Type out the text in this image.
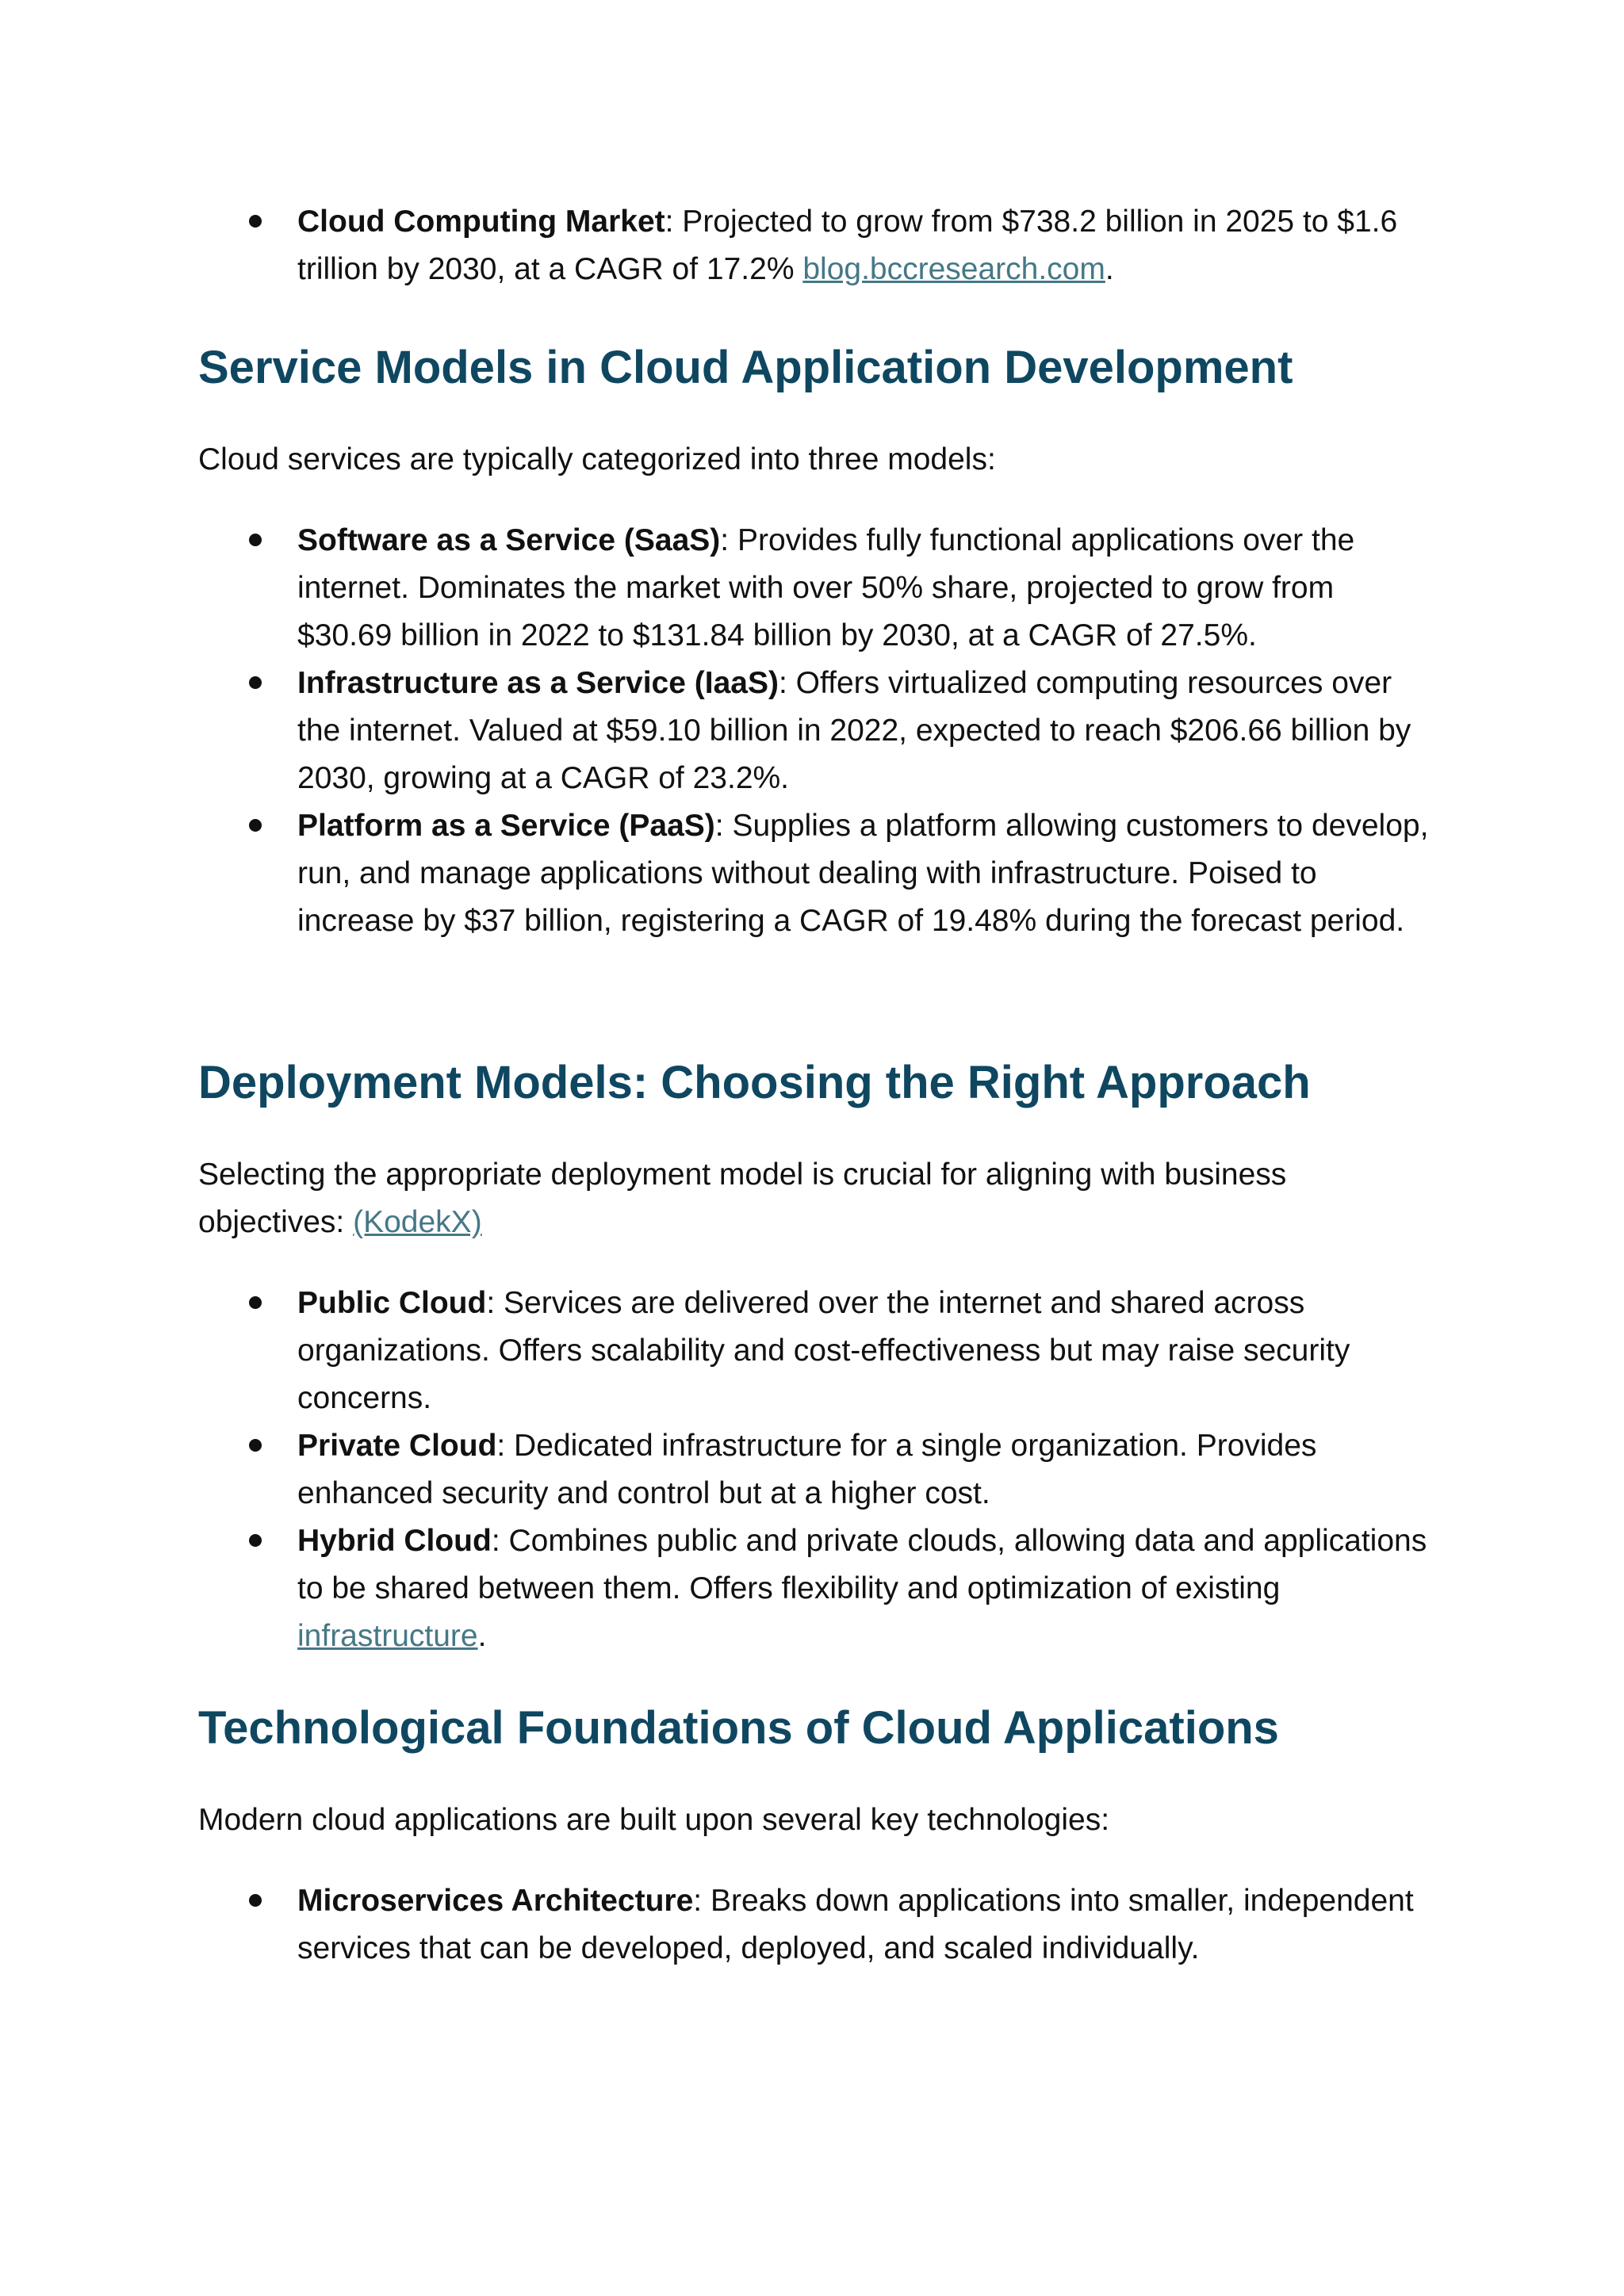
Cloud Computing Market: Projected to grow from $738.2 billion in 2025 to $1.6 trillion by 2030, at a CAGR of 17.2% blog.bccresearch.com.
Service Models in Cloud Application Development

Cloud services are typically categorized into three models:

Software as a Service (SaaS): Provides fully functional applications over the internet. Dominates the market with over 50% share, projected to grow from $30.69 billion in 2022 to $131.84 billion by 2030, at a CAGR of 27.5%.
Infrastructure as a Service (IaaS): Offers virtualized computing resources over the internet. Valued at $59.10 billion in 2022, expected to reach $206.66 billion by 2030, growing at a CAGR of 23.2%.
Platform as a Service (PaaS): Supplies a platform allowing customers to develop, run, and manage applications without dealing with infrastructure. Poised to increase by $37 billion, registering a CAGR of 19.48% during the forecast period.
Deployment Models: Choosing the Right Approach

Selecting the appropriate deployment model is crucial for aligning with business objectives: (KodekX)

Public Cloud: Services are delivered over the internet and shared across organizations. Offers scalability and cost-effectiveness but may raise security concerns.
Private Cloud: Dedicated infrastructure for a single organization. Provides enhanced security and control but at a higher cost.
Hybrid Cloud: Combines public and private clouds, allowing data and applications to be shared between them. Offers flexibility and optimization of existing infrastructure.
Technological Foundations of Cloud Applications

Modern cloud applications are built upon several key technologies:

Microservices Architecture: Breaks down applications into smaller, independent services that can be developed, deployed, and scaled individually.
